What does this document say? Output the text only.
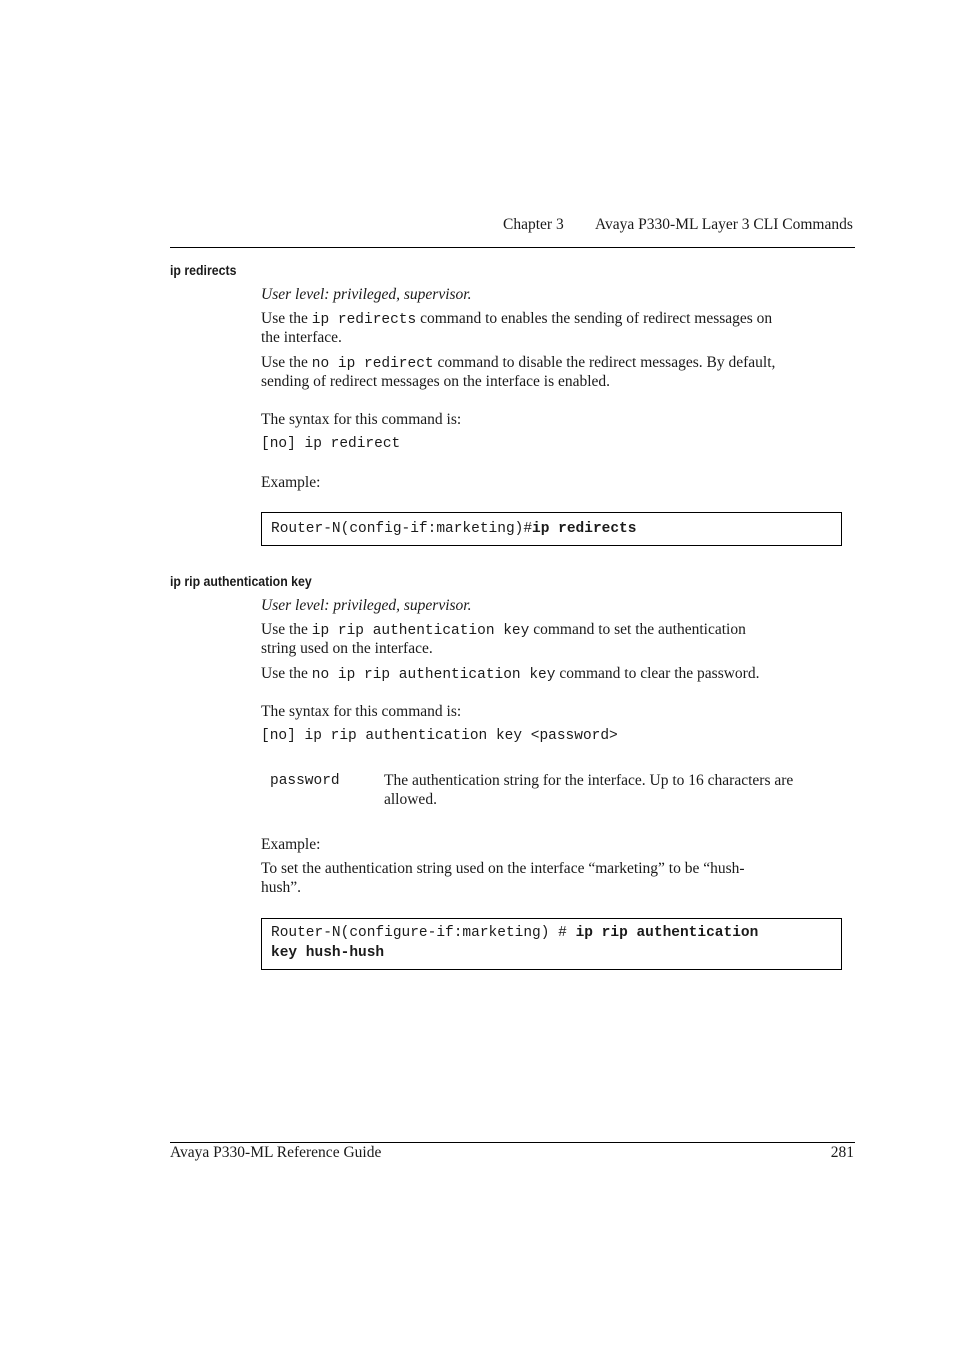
Chapter 3 Avaya P330-ML Layer 3 CLI Commands
ip redirects
User level: privileged, supervisor.
Use the ip redirects command to enables the sending of redirect messages on
the interface.
Use the no ip redirect command to disable the redirect messages. By default,
sending of redirect messages on the interface is enabled.
The syntax for this command is:
[no] ip redirect
Example:
Router-N(config-if:marketing)#ip redirects
ip rip authentication key
User level: privileged, supervisor.
Use the ip rip authentication key command to set the authentication
string used on the interface.
Use the no ip rip authentication key command to clear the password.
The syntax for this command is:
[no] ip rip authentication key <password>
password	The authentication string for the interface. Up to 16 characters are
allowed.
Example:
To set the authentication string used on the interface “marketing” to be “hush-
hush”.
Router-N(configure-if:marketing) # ip rip authentication
key hush-hush
Avaya P330-ML Reference Guide	281
